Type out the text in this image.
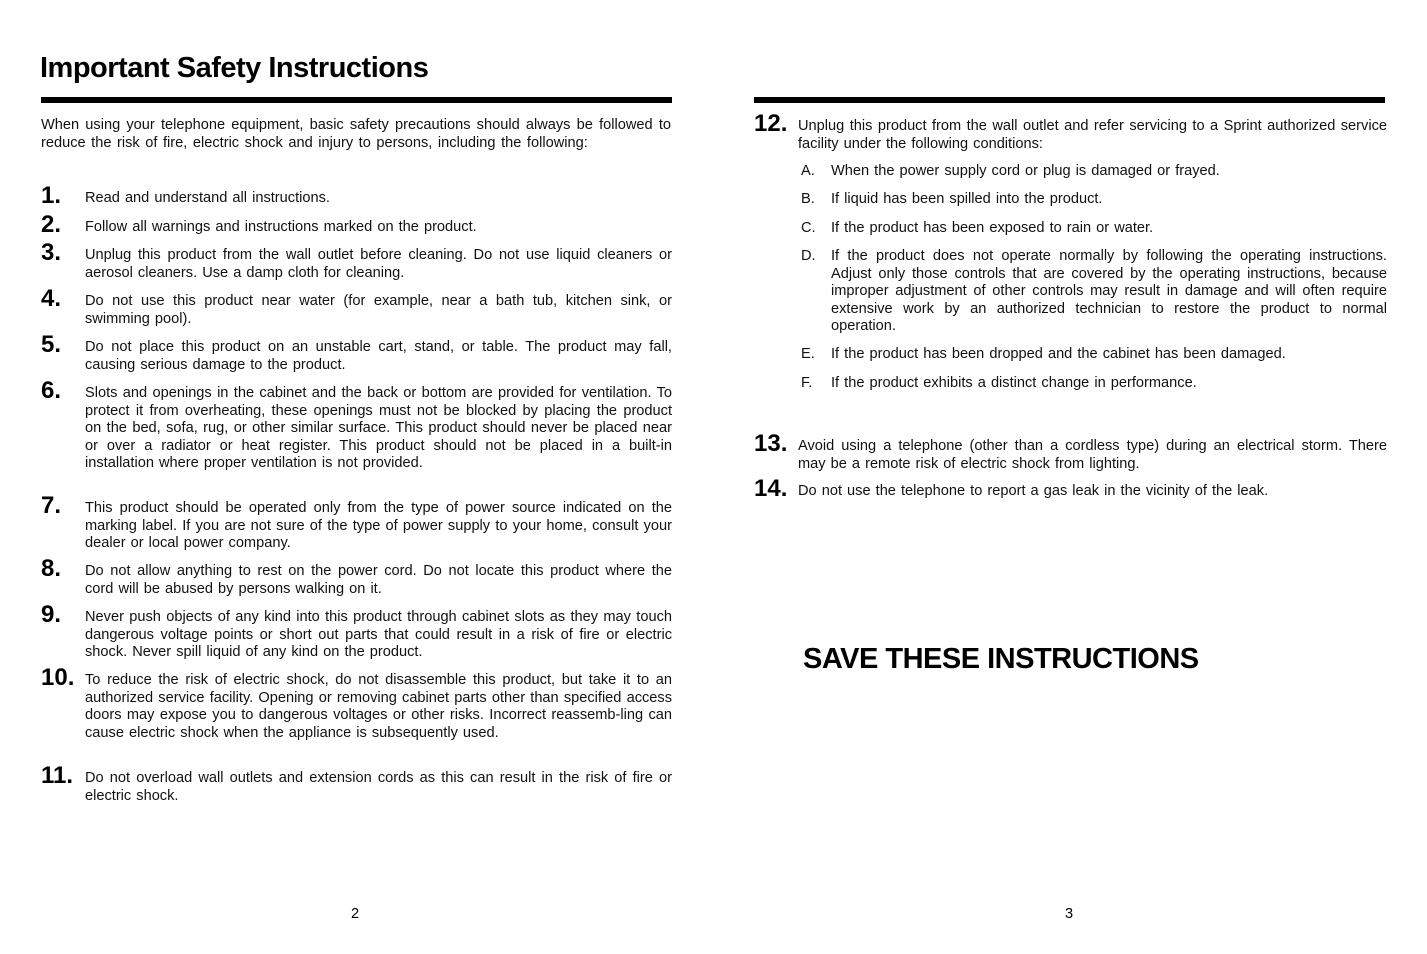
Important Safety Instructions

When using your telephone equipment, basic safety precautions should always be followed to reduce the risk of fire, electric shock and injury to persons, including the following:

1. Read and understand all instructions.
2. Follow all warnings and instructions marked on the product.
3. Unplug this product from the wall outlet before cleaning. Do not use liquid cleaners or aerosol cleaners. Use a damp cloth for cleaning.
4. Do not use this product near water (for example, near a bath tub, kitchen sink, or swimming pool).
5. Do not place this product on an unstable cart, stand, or table. The product may fall, causing serious damage to the product.
6. Slots and openings in the cabinet and the back or bottom are provided for ventilation. To protect it from overheating, these openings must not be blocked by placing the product on the bed, sofa, rug, or other similar surface. This product should never be placed near or over a radiator or heat register. This product should not be placed in a built-in installation where proper ventilation is not provided.
7. This product should be operated only from the type of power source indicated on the marking label. If you are not sure of the type of power supply to your home, consult your dealer or local power company.
8. Do not allow anything to rest on the power cord. Do not locate this product where the cord will be abused by persons walking on it.
9. Never push objects of any kind into this product through cabinet slots as they may touch dangerous voltage points or short out parts that could result in a risk of fire or electric shock. Never spill liquid of any kind on the product.
10. To reduce the risk of electric shock, do not disassemble this product, but take it to an authorized service facility. Opening or removing cabinet parts other than specified access doors may expose you to dangerous voltages or other risks. Incorrect reassemb-ling can cause electric shock when the appliance is subsequently used.
11. Do not overload wall outlets and extension cords as this can result in the risk of fire or electric shock.
2
12. Unplug this product from the wall outlet and refer servicing to a Sprint authorized service facility under the following conditions:
A. When the power supply cord or plug is damaged or frayed.
B. If liquid has been spilled into the product.
C. If the product has been exposed to rain or water.
D. If the product does not operate normally by following the operating instructions. Adjust only those controls that are covered by the operating instructions, because improper adjustment of other controls may result in damage and will often require extensive work by an authorized technician to restore the product to normal operation.
E. If the product has been dropped and the cabinet has been damaged.
F. If the product exhibits a distinct change in performance.
13. Avoid using a telephone (other than a cordless type) during an electrical storm. There may be a remote risk of electric shock from lighting.
14. Do not use the telephone to report a gas leak in the vicinity of the leak.
SAVE THESE INSTRUCTIONS
3
